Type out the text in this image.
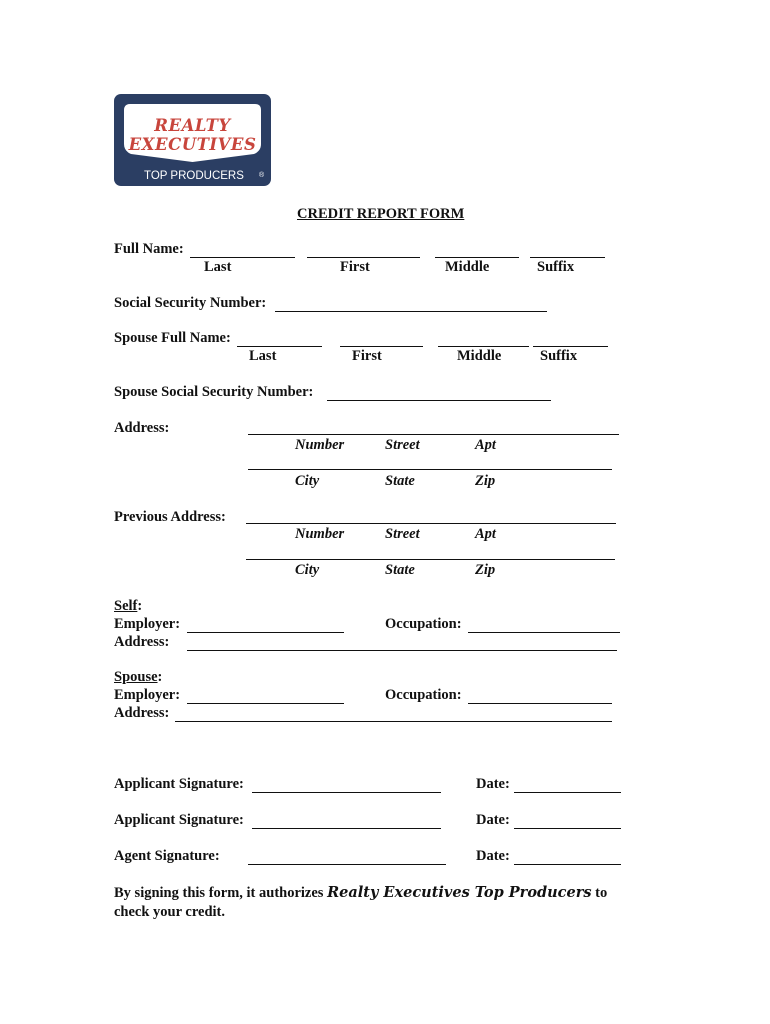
REALTY
EXECUTIVES
TOP PRODUCERS ®
CREDIT REPORT FORM
Full Name:
Last	First	Middle	Suffix
Social Security Number:
Spouse Full Name:
Last	First	Middle	Suffix
Spouse Social Security Number:
Address:
Number	Street	Apt
City	State	Zip
Previous Address:
Number	Street	Apt
City	State	Zip
Self:
Employer:	Occupation:
Address:
Spouse:
Employer:	Occupation:
Address:
Applicant Signature:	Date:
Applicant Signature:	Date:
Agent Signature:	Date:
By signing this form, it authorizes Realty Executives Top Producers to
check your credit.
